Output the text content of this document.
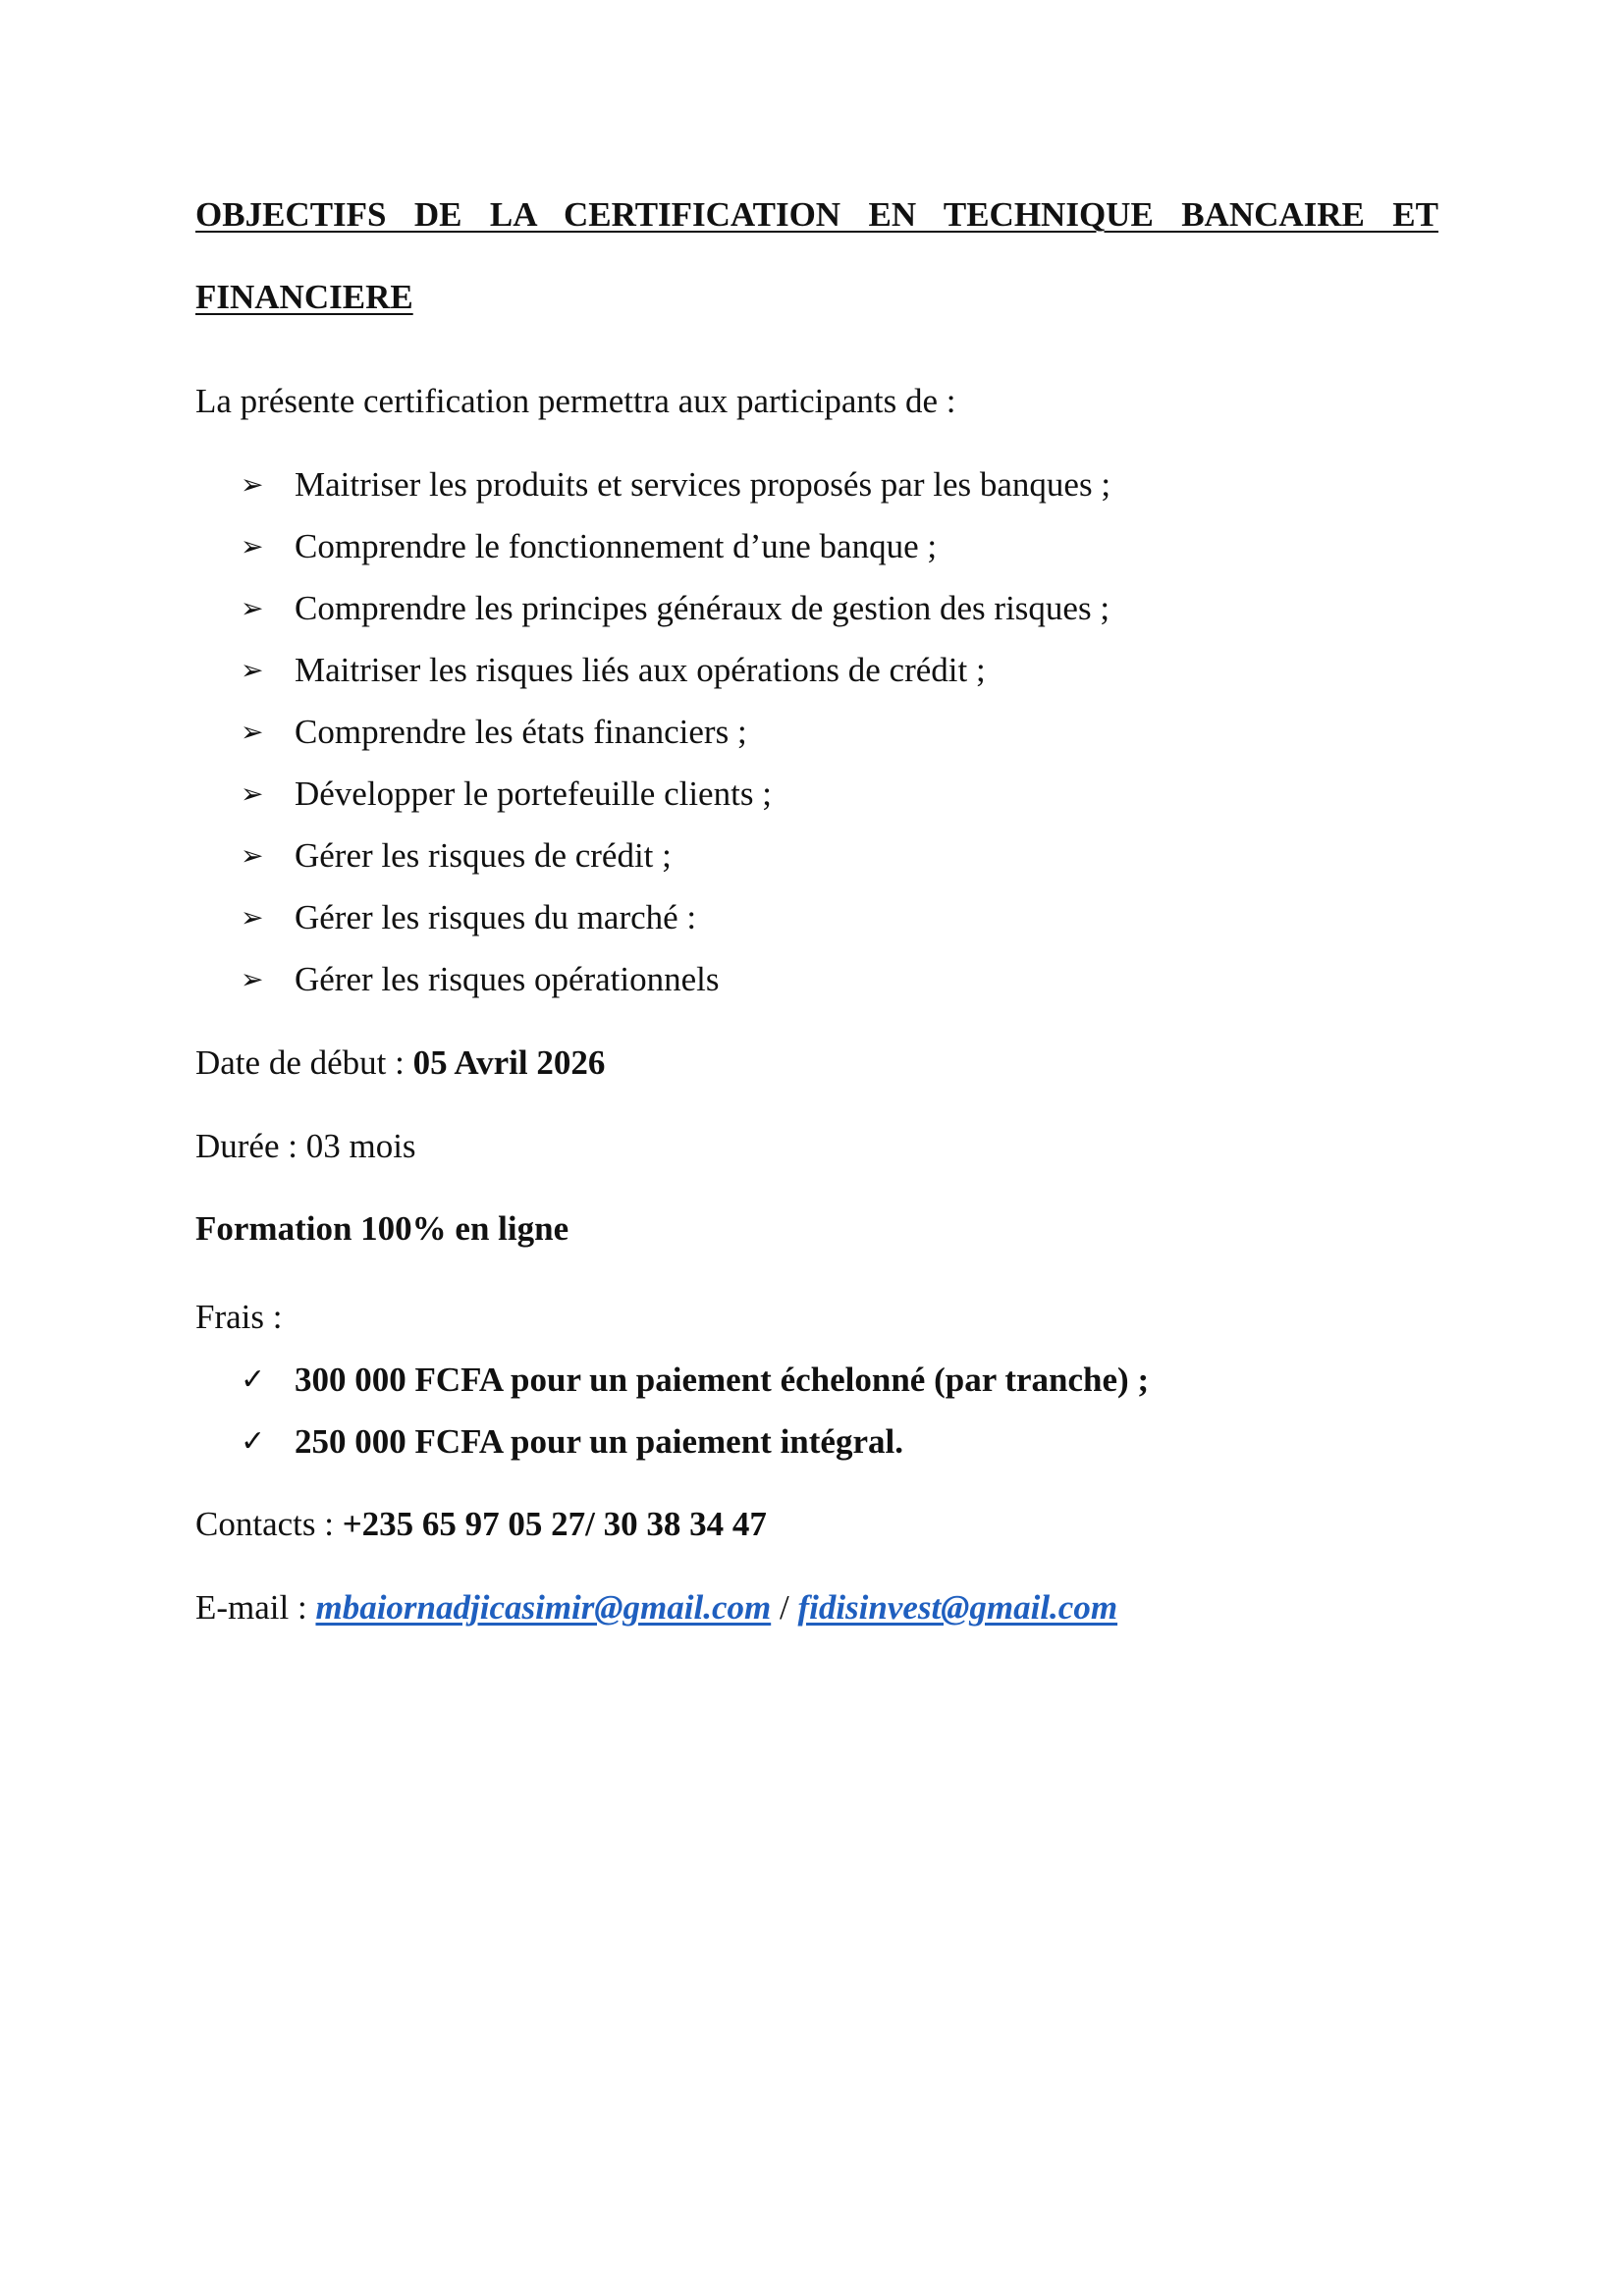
OBJECTIFS DE LA CERTIFICATION EN TECHNIQUE BANCAIRE ET
FINANCIERE

La présente certification permettra aux participants de :

➢ Maitriser les produits et services proposés par les banques ;
➢ Comprendre le fonctionnement d’une banque ;
➢ Comprendre les principes généraux de gestion des risques ;
➢ Maitriser les risques liés aux opérations de crédit ;
➢ Comprendre les états financiers ;
➢ Développer le portefeuille clients ;
➢ Gérer les risques de crédit ;
➢ Gérer les risques du marché :
➢ Gérer les risques opérationnels

Date de début : 05 Avril 2026

Durée : 03 mois

Formation 100% en ligne

Frais :

✓ 300 000 FCFA pour un paiement échelonné (par tranche) ;
✓ 250 000 FCFA pour un paiement intégral.

Contacts : +235 65 97 05 27/ 30 38 34 47

E-mail : mbaiornadjicasimir@gmail.com / fidisinvest@gmail.com
